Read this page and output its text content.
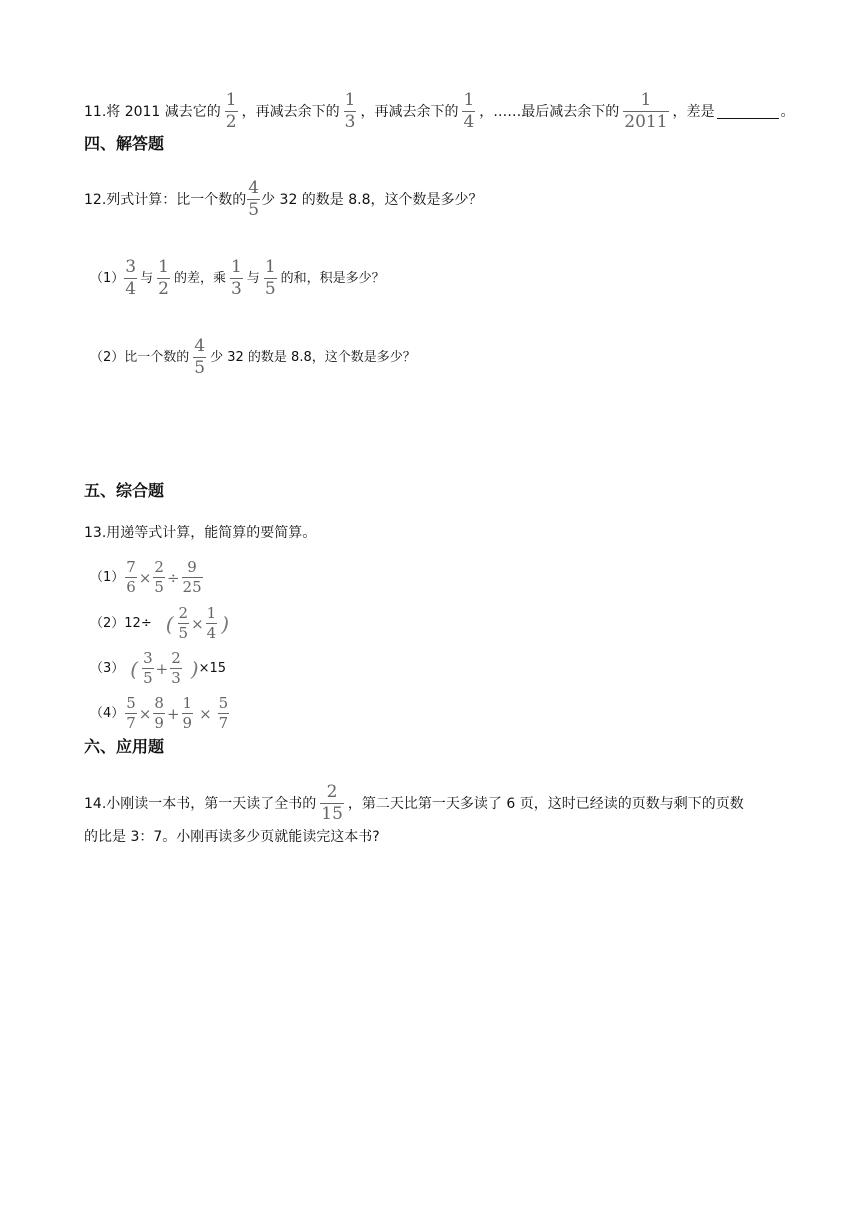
11.将 2011 减去它的 $\frac{1}{2}$ ，再减去余下的 $\frac{1}{3}$ ，再减去余下的 $\frac{1}{4}$ ，……最后减去余下的 $\frac{1}{2011}$ ，差是	。
四、解答题
12.列式计算：比一个数的 $\frac{4}{5}$ 少 32 的数是 8.8，这个数是多少？
$(1) \frac{3}{4}$ 与 $\frac{1}{2}$ 的差，乘 $\frac{1}{3}$ 与 $\frac{1}{5}$ 的和，积是多少？
（2）比一个数的 $\frac{4}{5}$ 少 32 的数是 8.8，这个数是多少？
五、综合题
13.用递等式计算，能简算的要简算。
$(1) \frac{7}{6} \times \frac{2}{5} \div \frac{9}{25}$
（2）12÷ ( $\frac{2}{5} \times \frac{1}{4}$ )
（3） ( $\frac{3}{5} + \frac{2}{3}$ ) ×15
$(4) \frac{5}{7} \times \frac{8}{9} + \frac{1}{9} \times \frac{5}{7}$
六、应用题
14.小刚读一本书，第一天读了全书的 $\frac{2}{15}$ ，第二天比第一天多读了 6 页，这时已经读的页数与剩下的页数
的比是 3：7。小刚再读多少页就能读完这本书?
